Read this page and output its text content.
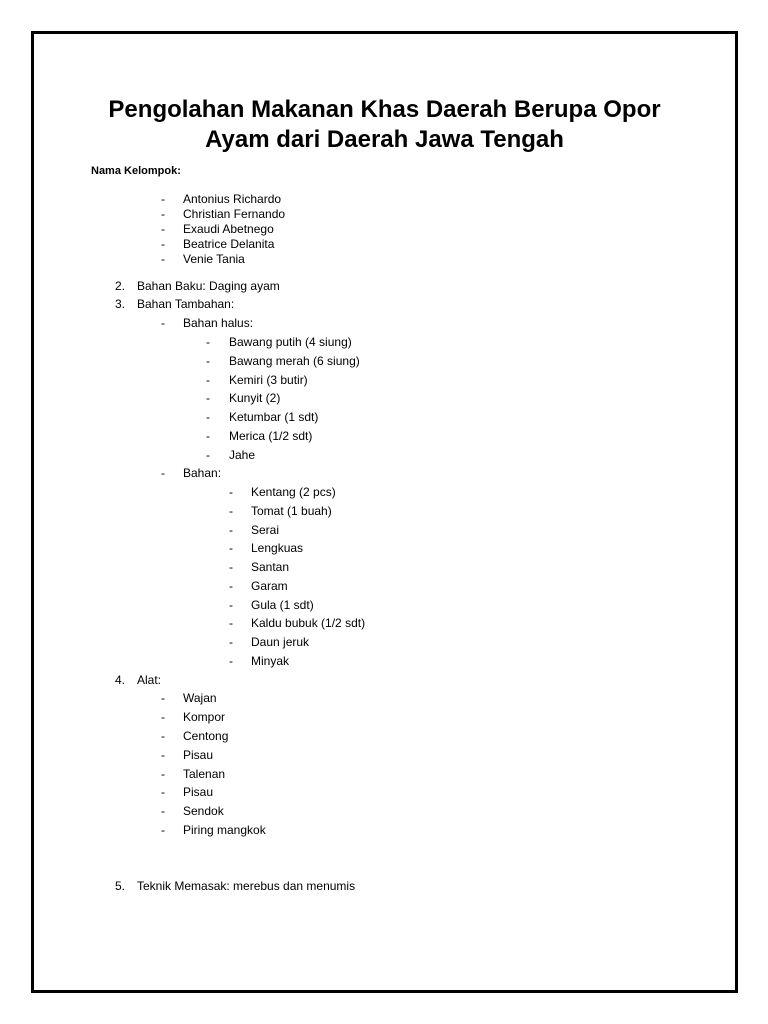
Pengolahan Makanan Khas Daerah Berupa Opor
Ayam dari Daerah Jawa Tengah
Nama Kelompok:
- Antonius Richardo
- Christian Fernando
- Exaudi Abetnego
- Beatrice Delanita
- Venie Tania
2. Bahan Baku: Daging ayam
3. Bahan Tambahan:
- Bahan halus:
- Bawang putih (4 siung)
- Bawang merah (6 siung)
- Kemiri (3 butir)
- Kunyit (2)
- Ketumbar (1 sdt)
- Merica (1/2 sdt)
- Jahe
- Bahan:
- Kentang (2 pcs)
- Tomat (1 buah)
- Serai
- Lengkuas
- Santan
- Garam
- Gula (1 sdt)
- Kaldu bubuk (1/2 sdt)
- Daun jeruk
- Minyak
4. Alat:
- Wajan
- Kompor
- Centong
- Pisau
- Talenan
- Pisau
- Sendok
- Piring mangkok
5. Teknik Memasak: merebus dan menumis
